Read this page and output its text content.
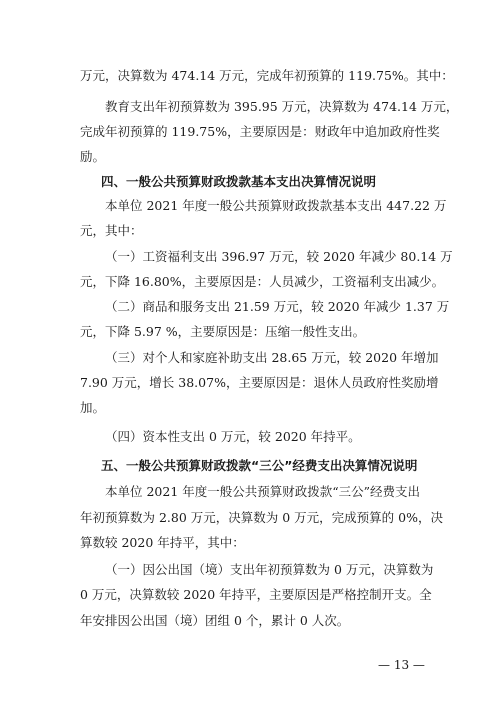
万元，决算数为 474.14 万元，完成年初预算的 119.75%。其中：
教育支出年初预算数为 395.95 万元，决算数为 474.14 万元，
完成年初预算的 119.75%，主要原因是：财政年中追加政府性奖
励。
四、一般公共预算财政拨款基本支出决算情况说明
本单位 2021 年度一般公共预算财政拨款基本支出 447.22 万
元，其中：
（一）工资福利支出 396.97 万元，较 2020 年减少 80.14 万
元，下降 16.80%，主要原因是：人员减少，工资福利支出减少。
（二）商品和服务支出 21.59 万元，较 2020 年减少 1.37 万
元，下降 5.97 %，主要原因是：压缩一般性支出。
（三）对个人和家庭补助支出 28.65 万元，较 2020 年增加
7.90 万元，增长 38.07%，主要原因是：退休人员政府性奖励增
加。
（四）资本性支出 0 万元，较 2020 年持平。
五、一般公共预算财政拨款“三公”经费支出决算情况说明
本单位 2021 年度一般公共预算财政拨款“三公”经费支出
年初预算数为 2.80 万元，决算数为 0 万元，完成预算的 0%，决
算数较 2020 年持平，其中：
（一）因公出国（境）支出年初预算数为 0 万元，决算数为
0 万元，决算数较 2020 年持平，主要原因是严格控制开支。全
年安排因公出国（境）团组 0 个，累计 0 人次。
— 13 —
